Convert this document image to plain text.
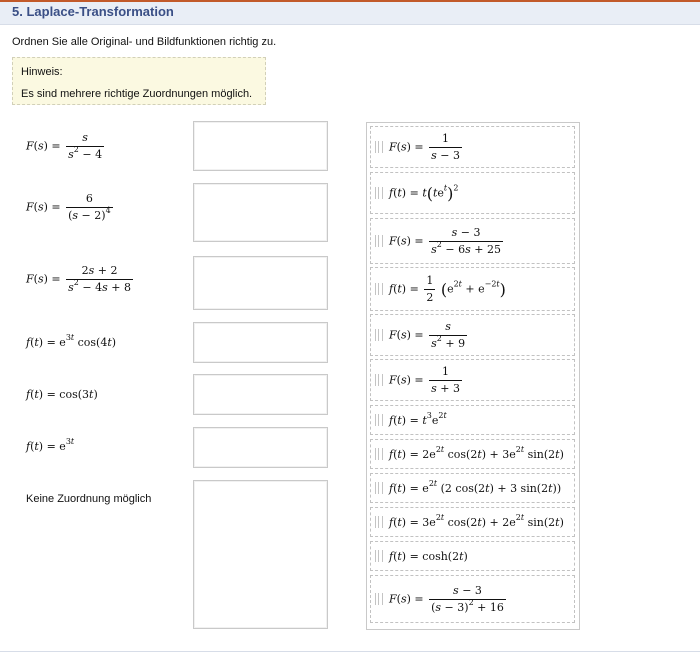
5. Laplace-Transformation
Ordnen Sie alle Original- und Bildfunktionen richtig zu.
Hinweis:
Es sind mehrere richtige Zuordnungen möglich.
$F(s) = \frac{s}{s^2 - 4}$
$F(s) = \frac{6}{(s - 2)^4}$
$F(s) = \frac{2s + 2}{s^2 - 4s + 8}$
$f(t) = e^{3t}$ cos(4t)
f(t) = cos(3t)
$f(t) = e^{3t}$
Keine Zuordnung möglich
$F(s) = \frac{1}{s - 3}$
$f(t) = t(te^t)^2$
$F(s) = \frac{s - 3}{s^2 - 6s + 25}$
$f(t) = \frac{1}{2} (e^{2t} + e^{-2t})$
$F(s) = \frac{s}{s^2 + 9}$
$F(s) = \frac{1}{s + 3}$
$f(t) = t^3e^{2t}$
$f(t) = 2e^{2t}$ $\cos(2t) + 3e^{2t}$ sin(2t)
$f(t) = e^{2t}$ (2 cos(2t) + 3 sin(2t))
$f(t) = 3e^{2t}$ $\cos(2t) + 2e^{2t}$ sin(2t)
f(t) = cosh(2t)
$F(s) = \frac{s - 3}{(s - 3)^2 + 16}$
